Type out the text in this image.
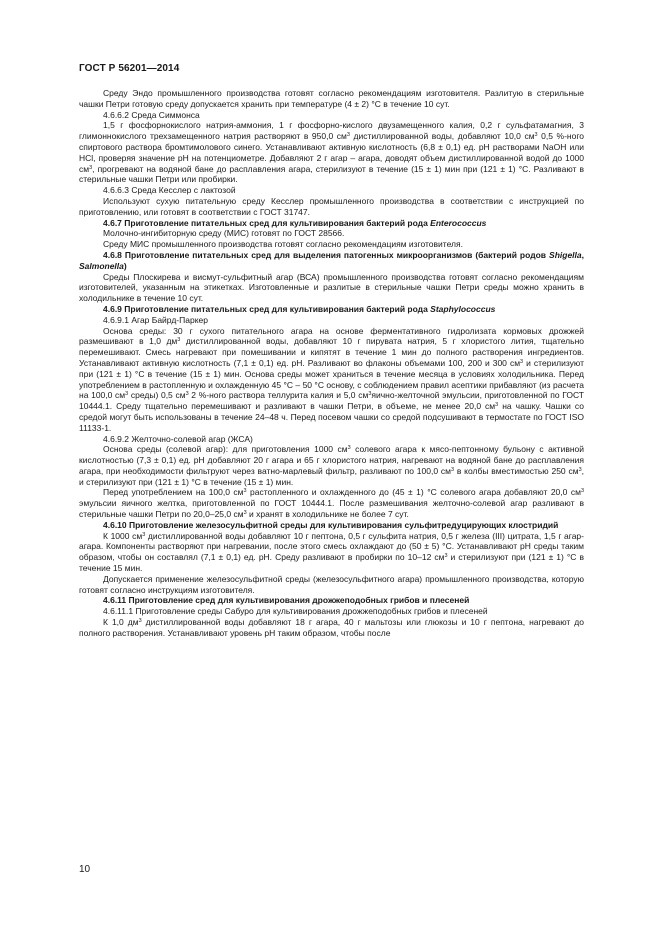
ГОСТ Р 56201—2014

Среду Эндо промышленного производства готовят согласно рекомендациям изготовителя. Разлитую в стерильные чашки Петри готовую среду допускается хранить при температуре (4 ± 2) °С в течение 10 сут.

4.6.6.2 Среда Симмонса

1,5 г фосфорнокислого натрия-аммония, 1 г фосфорно-кислого двузамещенного калия, 0,2 г сульфатамагния, 3 глимоннокислого трехзамещенного натрия растворяют в 950,0 $см^3$ дистиллированной воды, добавляют 10,0 $см^3$ 0,5 %-ного спиртового раствора бромтимолового синего. Устанавливают активную кислотность (6,8 ± 0,1) ед. рН растворами NaOH или HCl, проверяя значение рН на потенциометре. Добавляют 2 г агар – агара, доводят объем дистиллированной водой до 1000 $см^3$, прогревают на водяной бане до расплавления агара, стерилизуют в течение (15 ± 1) мин при (121 ± 1) °С. Разливают в стерильные чашки Петри или пробирки.

4.6.6.3 Среда Кесслер с лактозой

Используют сухую питательную среду Кесслер промышленного производства в соответствии с инструкцией по приготовлению, или готовят в соответствии с ГОСТ 31747.

4.6.7 Приготовление питательных сред для культивирования бактерий рода Enterococcus

Молочно-ингибиторную среду (МИС) готовят по ГОСТ 28566.

Среду МИС промышленного производства готовят согласно рекомендациям изготовителя.

4.6.8 Приготовление питательных сред для выделения патогенных микроорганизмов (бактерий родов Shigella, Salmonella)

Среды Плоскирева и висмут-сульфитный агар (ВСА) промышленного производства готовят согласно рекомендациям изготовителей, указанным на этикетках. Изготовленные и разлитые в стерильные чашки Петри среды можно хранить в холодильнике в течение 10 сут.

4.6.9 Приготовление питательных сред для культивирования бактерий рода Staphylococcus

4.6.9.1 Агар Байрд-Паркер

Основа среды: 30 г сухого питательного агара на основе ферментативного гидролизата кормовых дрожжей размешивают в 1,0 $дм^3$ дистиллированной воды, добавляют 10 г пирувата натрия, 5 г хлористого лития, тщательно перемешивают. Смесь нагревают при помешивании и кипятят в течение 1 мин до полного растворения ингредиентов. Устанавливают активную кислотность (7,1 ± 0,1) ед. рН. Разливают во флаконы объемами 100, 200 и 300 $см^3$ и стерилизуют при (121 ± 1) °С в течение (15 ± 1) мин. Основа среды может храниться в течение месяца в условиях холодильника. Перед употреблением в растопленную и охлажденную 45 °С – 50 °С основу, с соблюдением правил асептики прибавляют (из расчета на 100,0 $см^3$ среды) 0,5 $см^3$ 2 %-ного раствора теллурита калия и 5,0 $см^3яично$-желточной эмульсии, приготовленной по ГОСТ 10444.1. Среду тщательно перемешивают и разливают в чашки Петри, в объеме, не менее 20,0 $см^3$ на чашку. Чашки со средой могут быть использованы в течение 24–48 ч. Перед посевом чашки со средой подсушивают в термостате по ГОСТ ISO 11133-1.

4.6.9.2 Желточно-солевой агар (ЖСА)

Основа среды (солевой агар): для приготовления 1000 $см^3$ солевого агара к мясо-пептонному бульону с активной кислотностью (7,3 ± 0,1) ед. рН добавляют 20 г агара и 65 г хлористого натрия, нагревают на водяной бане до расплавления агара, при необходимости фильтруют через ватно-марлевый фильтр, разливают по 100,0 $см^3$ в колбы вместимостью 250 $см^3$, и стерилизуют при (121 ± 1) °С в течение (15 ± 1) мин.

Перед употреблением на 100,0 $см^3$ растопленного и охлажденного до (45 ± 1) °С солевого агара добавляют 20,0 $см^3$ эмульсии яичного желтка, приготовленной по ГОСТ 10444.1. После размешивания желточно-солевой агар разливают в стерильные чашки Петри по 20,0–25,0 $см^3$ и хранят в холодильнике не более 7 сут.

4.6.10 Приготовление железосульфитной среды для культивирования сульфитредуцирующих клостридий

К 1000 $см^3$ дистиллированной воды добавляют 10 г пептона, 0,5 г сульфита натрия, 0,5 г железа (III) цитрата, 1,5 г агар-агара. Компоненты растворяют при нагревании, после этого смесь охлаждают до (50 ± 5) °С. Устанавливают рН среды таким образом, чтобы он составлял (7,1 ± 0,1) ед. рН. Среду разливают в пробирки по 10–12 $см^3$ и стерилизуют при (121 ± 1) °С в течение 15 мин.

Допускается применение железосульфитной среды (железосульфитного агара) промышленного производства, которую готовят согласно инструкциям изготовителя.

4.6.11 Приготовление сред для культивирования дрожжеподобных грибов и плесеней

4.6.11.1 Приготовление среды Сабуро для культивирования дрожжеподобных грибов и плесеней

К 1,0 $дм^3$ дистиллированной воды добавляют 18 г агара, 40 г мальтозы или глюкозы и 10 г пептона, нагревают до полного растворения. Устанавливают уровень рН таким образом, чтобы после

10
